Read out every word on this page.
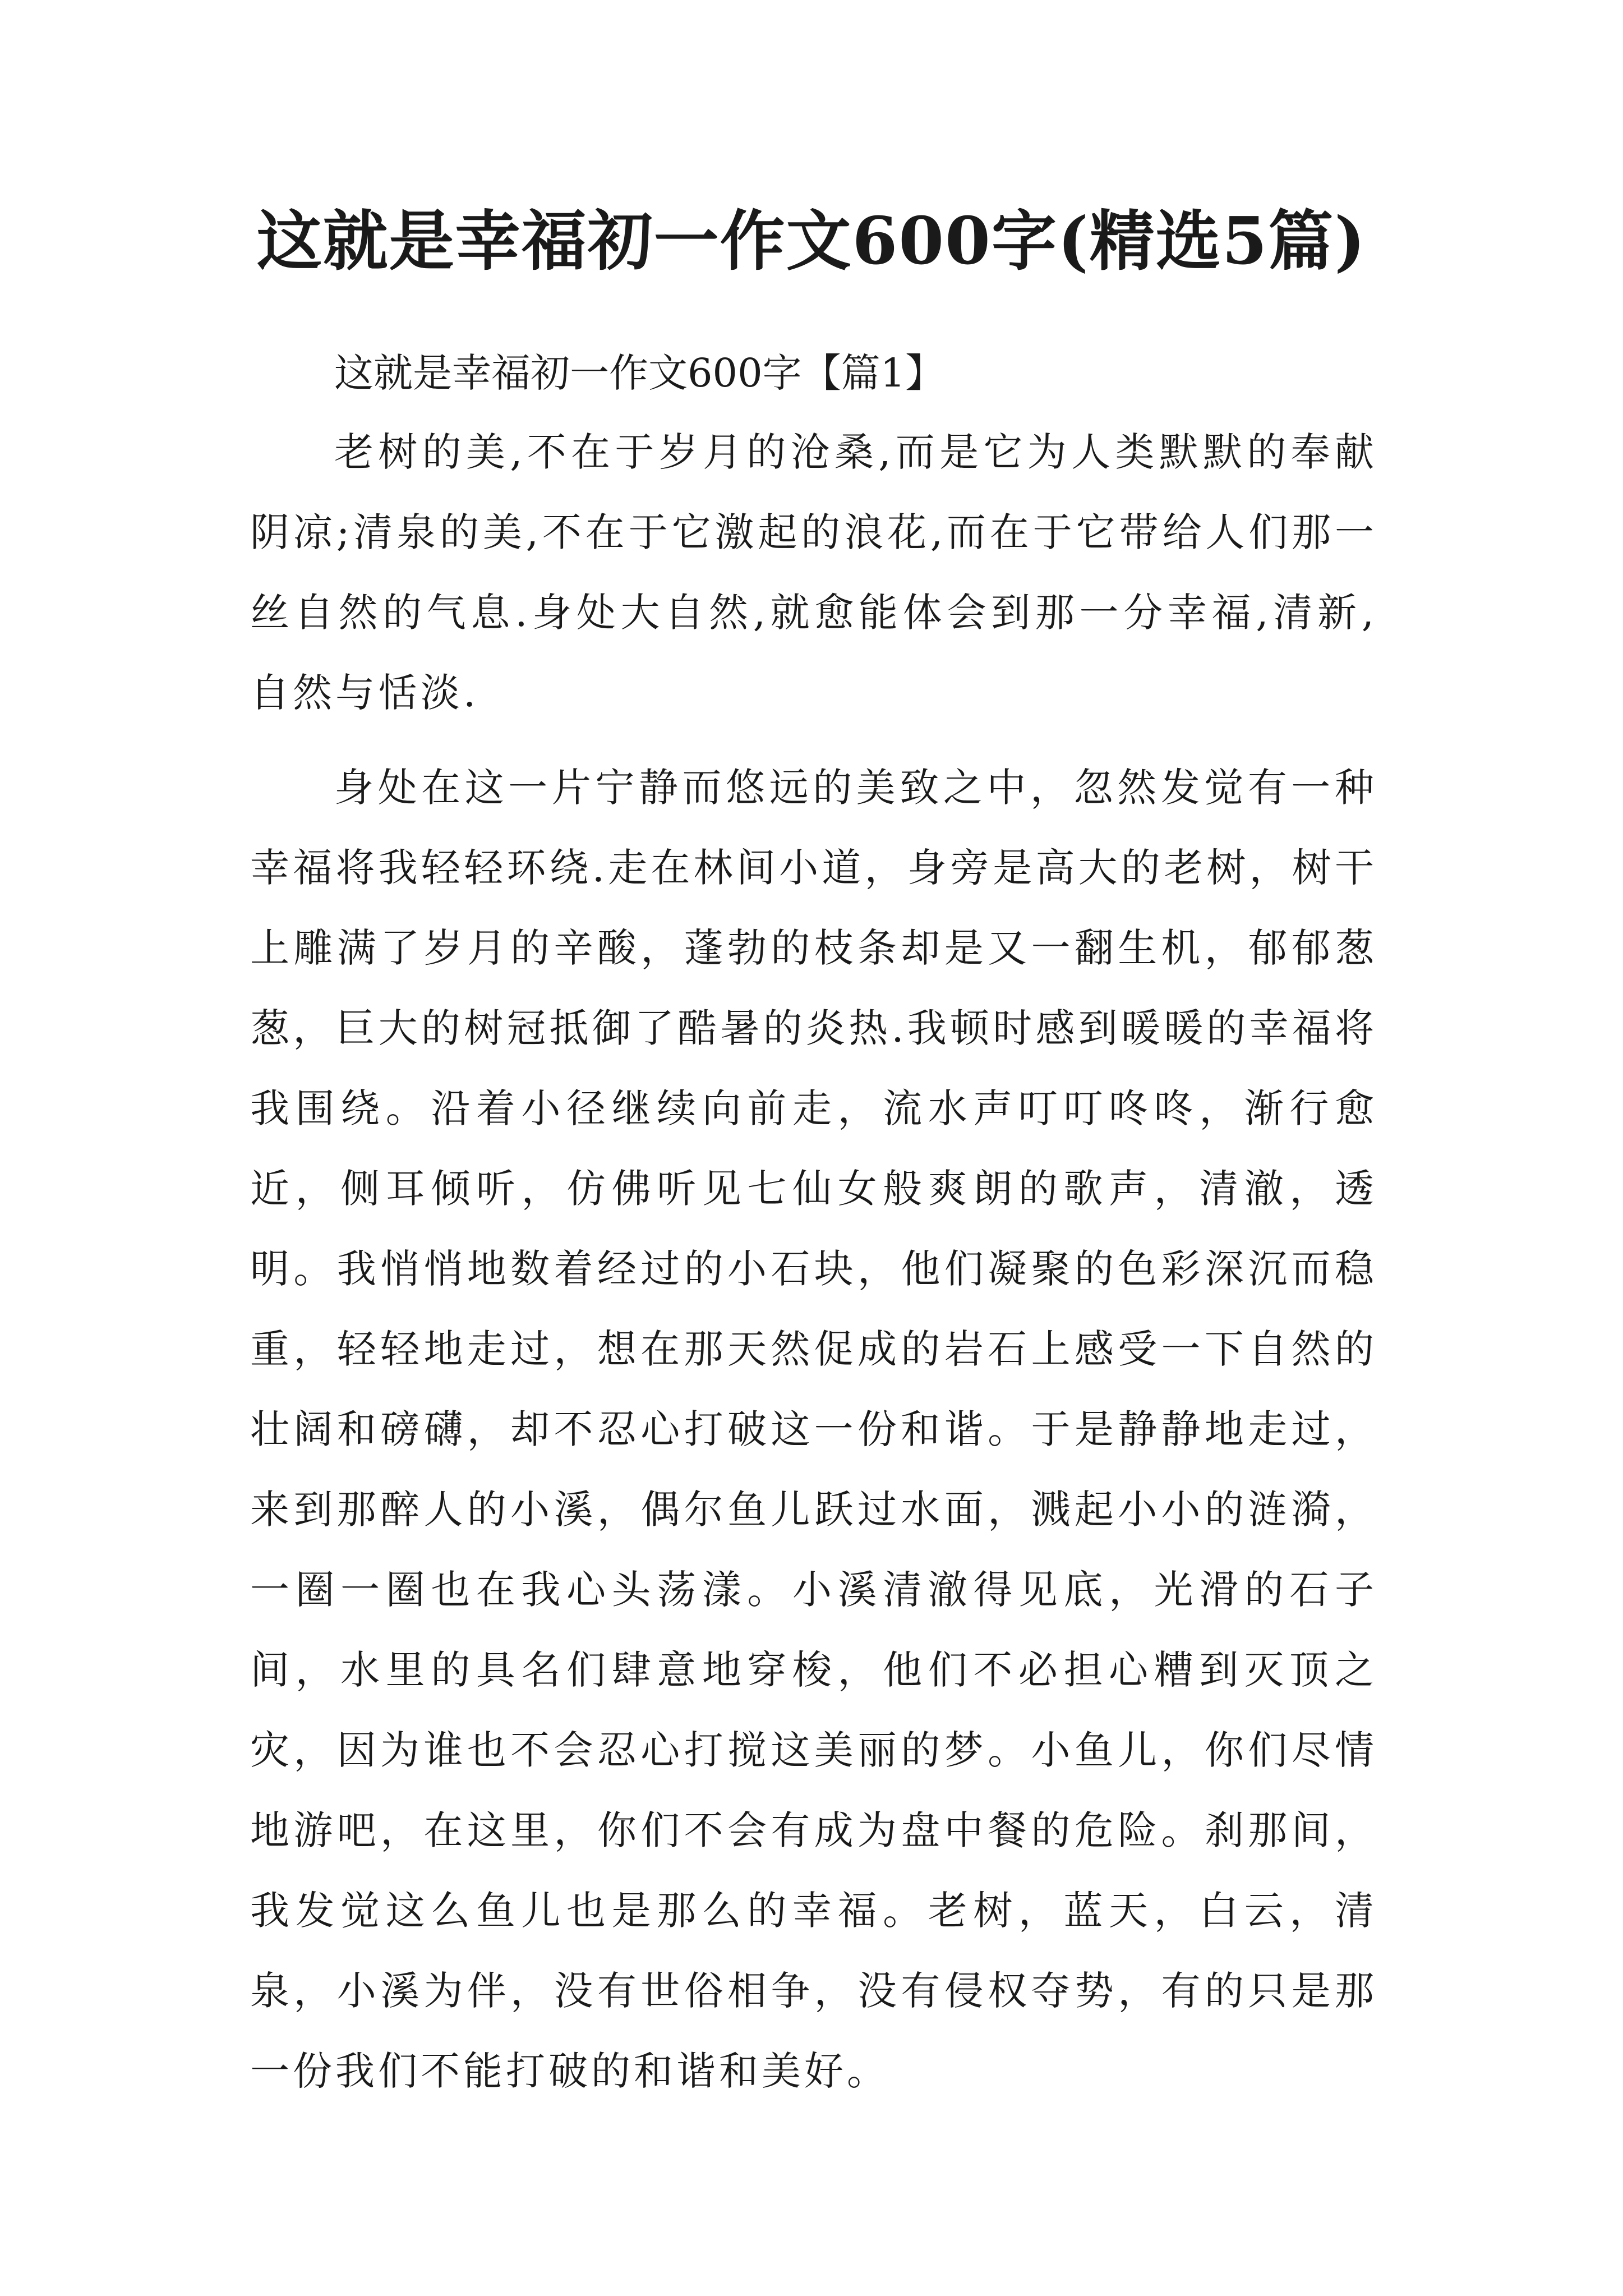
这就是幸福初一作文600字(精选5篇)

这就是幸福初一作文600字【篇1】

老树的美,不在于岁月的沧桑,而是它为人类默默的奉献阴凉;清泉的美,不在于它激起的浪花,而在于它带给人们那一丝自然的气息.身处大自然,就愈能体会到那一分幸福,清新,自然与恬淡.

身处在这一片宁静而悠远的美致之中，忽然发觉有一种幸福将我轻轻环绕.走在林间小道，身旁是高大的老树，树干上雕满了岁月的辛酸，蓬勃的枝条却是又一翻生机，郁郁葱葱，巨大的树冠抵御了酷暑的炎热.我顿时感到暖暖的幸福将我围绕。沿着小径继续向前走，流水声叮叮咚咚，渐行愈近，侧耳倾听，仿佛听见七仙女般爽朗的歌声，清澈，透明。我悄悄地数着经过的小石块，他们凝聚的色彩深沉而稳重，轻轻地走过，想在那天然促成的岩石上感受一下自然的壮阔和磅礴，却不忍心打破这一份和谐。于是静静地走过，来到那醉人的小溪，偶尔鱼儿跃过水面，溅起小小的涟漪，一圈一圈也在我心头荡漾。小溪清澈得见底，光滑的石子间，水里的具名们肆意地穿梭，他们不必担心糟到灭顶之灾，因为谁也不会忍心打搅这美丽的梦。小鱼儿，你们尽情地游吧，在这里，你们不会有成为盘中餐的危险。刹那间，我发觉这么鱼儿也是那么的幸福。老树，蓝天，白云，清泉，小溪为伴，没有世俗相争，没有侵权夺势，有的只是那一份我们不能打破的和谐和美好。
